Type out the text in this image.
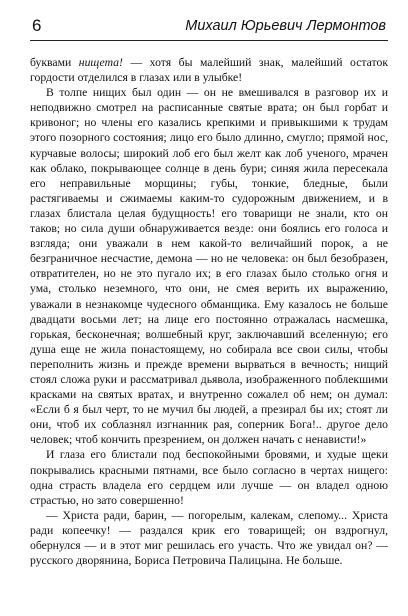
6	Михаил Юрьевич Лермонтов

буквами нищета! — хотя бы малейший знак, малейший остаток гордости отделился в глазах или в улыбке!

В толпе нищих был один — он не вмешивался в разговор их и неподвижно смотрел на расписанные святые врата; он был горбат и кривоног; но члены его казались крепкими и привыкшими к трудам этого позорного состояния; лицо его было длинно, смугло; прямой нос, курчавые волосы; широкий лоб его был желт как лоб ученого, мрачен как облако, покрывающее солнце в день бури; синяя жила пересекала его неправильные морщины; губы, тонкие, бледные, были растягиваемы и сжимаемы каким-то судорожным движением, и в глазах блистала целая будущность! его товарищи не знали, кто он таков; но сила души обнаруживается везде: они боялись его голоса и взгляда; они уважали в нем какой-то величайший порок, а не безграничное несчастие, демона — но не человека: он был безобразен, отвратителен, но не это пугало их; в его глазах было столько огня и ума, столько неземного, что они, не смея верить их выражению, уважали в незнакомце чудесного обманщика. Ему казалось не больше двадцати восьми лет; на лице его постоянно отражалась насмешка, горькая, бесконечная; волшебный круг, заключавший вселенную; его душа еще не жила понастоящему, но собирала все свои силы, чтобы переполнить жизнь и прежде времени вырваться в вечность; нищий стоял сложа руки и рассматривал дьявола, изображенного поблекшими красками на святых вратах, и внутренно сожалел об нем; он думал: «Если б я был черт, то не мучил бы людей, а презирал бы их; стоят ли они, чтоб их соблазнял изгнанник рая, соперник Бога!.. другое дело человек; чтоб кончить презрением, он должен начать с ненависти!»

И глаза его блистали под беспокойными бровями, и худые щеки покрывались красными пятнами, все было согласно в чертах нищего: одна страсть владела его сердцем или лучше — он владел одною страстью, но зато совершенно!

— Христа ради, барин, — погорелым, калекам, слепому... Христа ради копеечку! — раздался крик его товарищей; он вздрогнул, обернулся — и в этот миг решилась его участь. Что же увидал он? — русского дворянина, Бориса Петровича Палицына. Не больше.
